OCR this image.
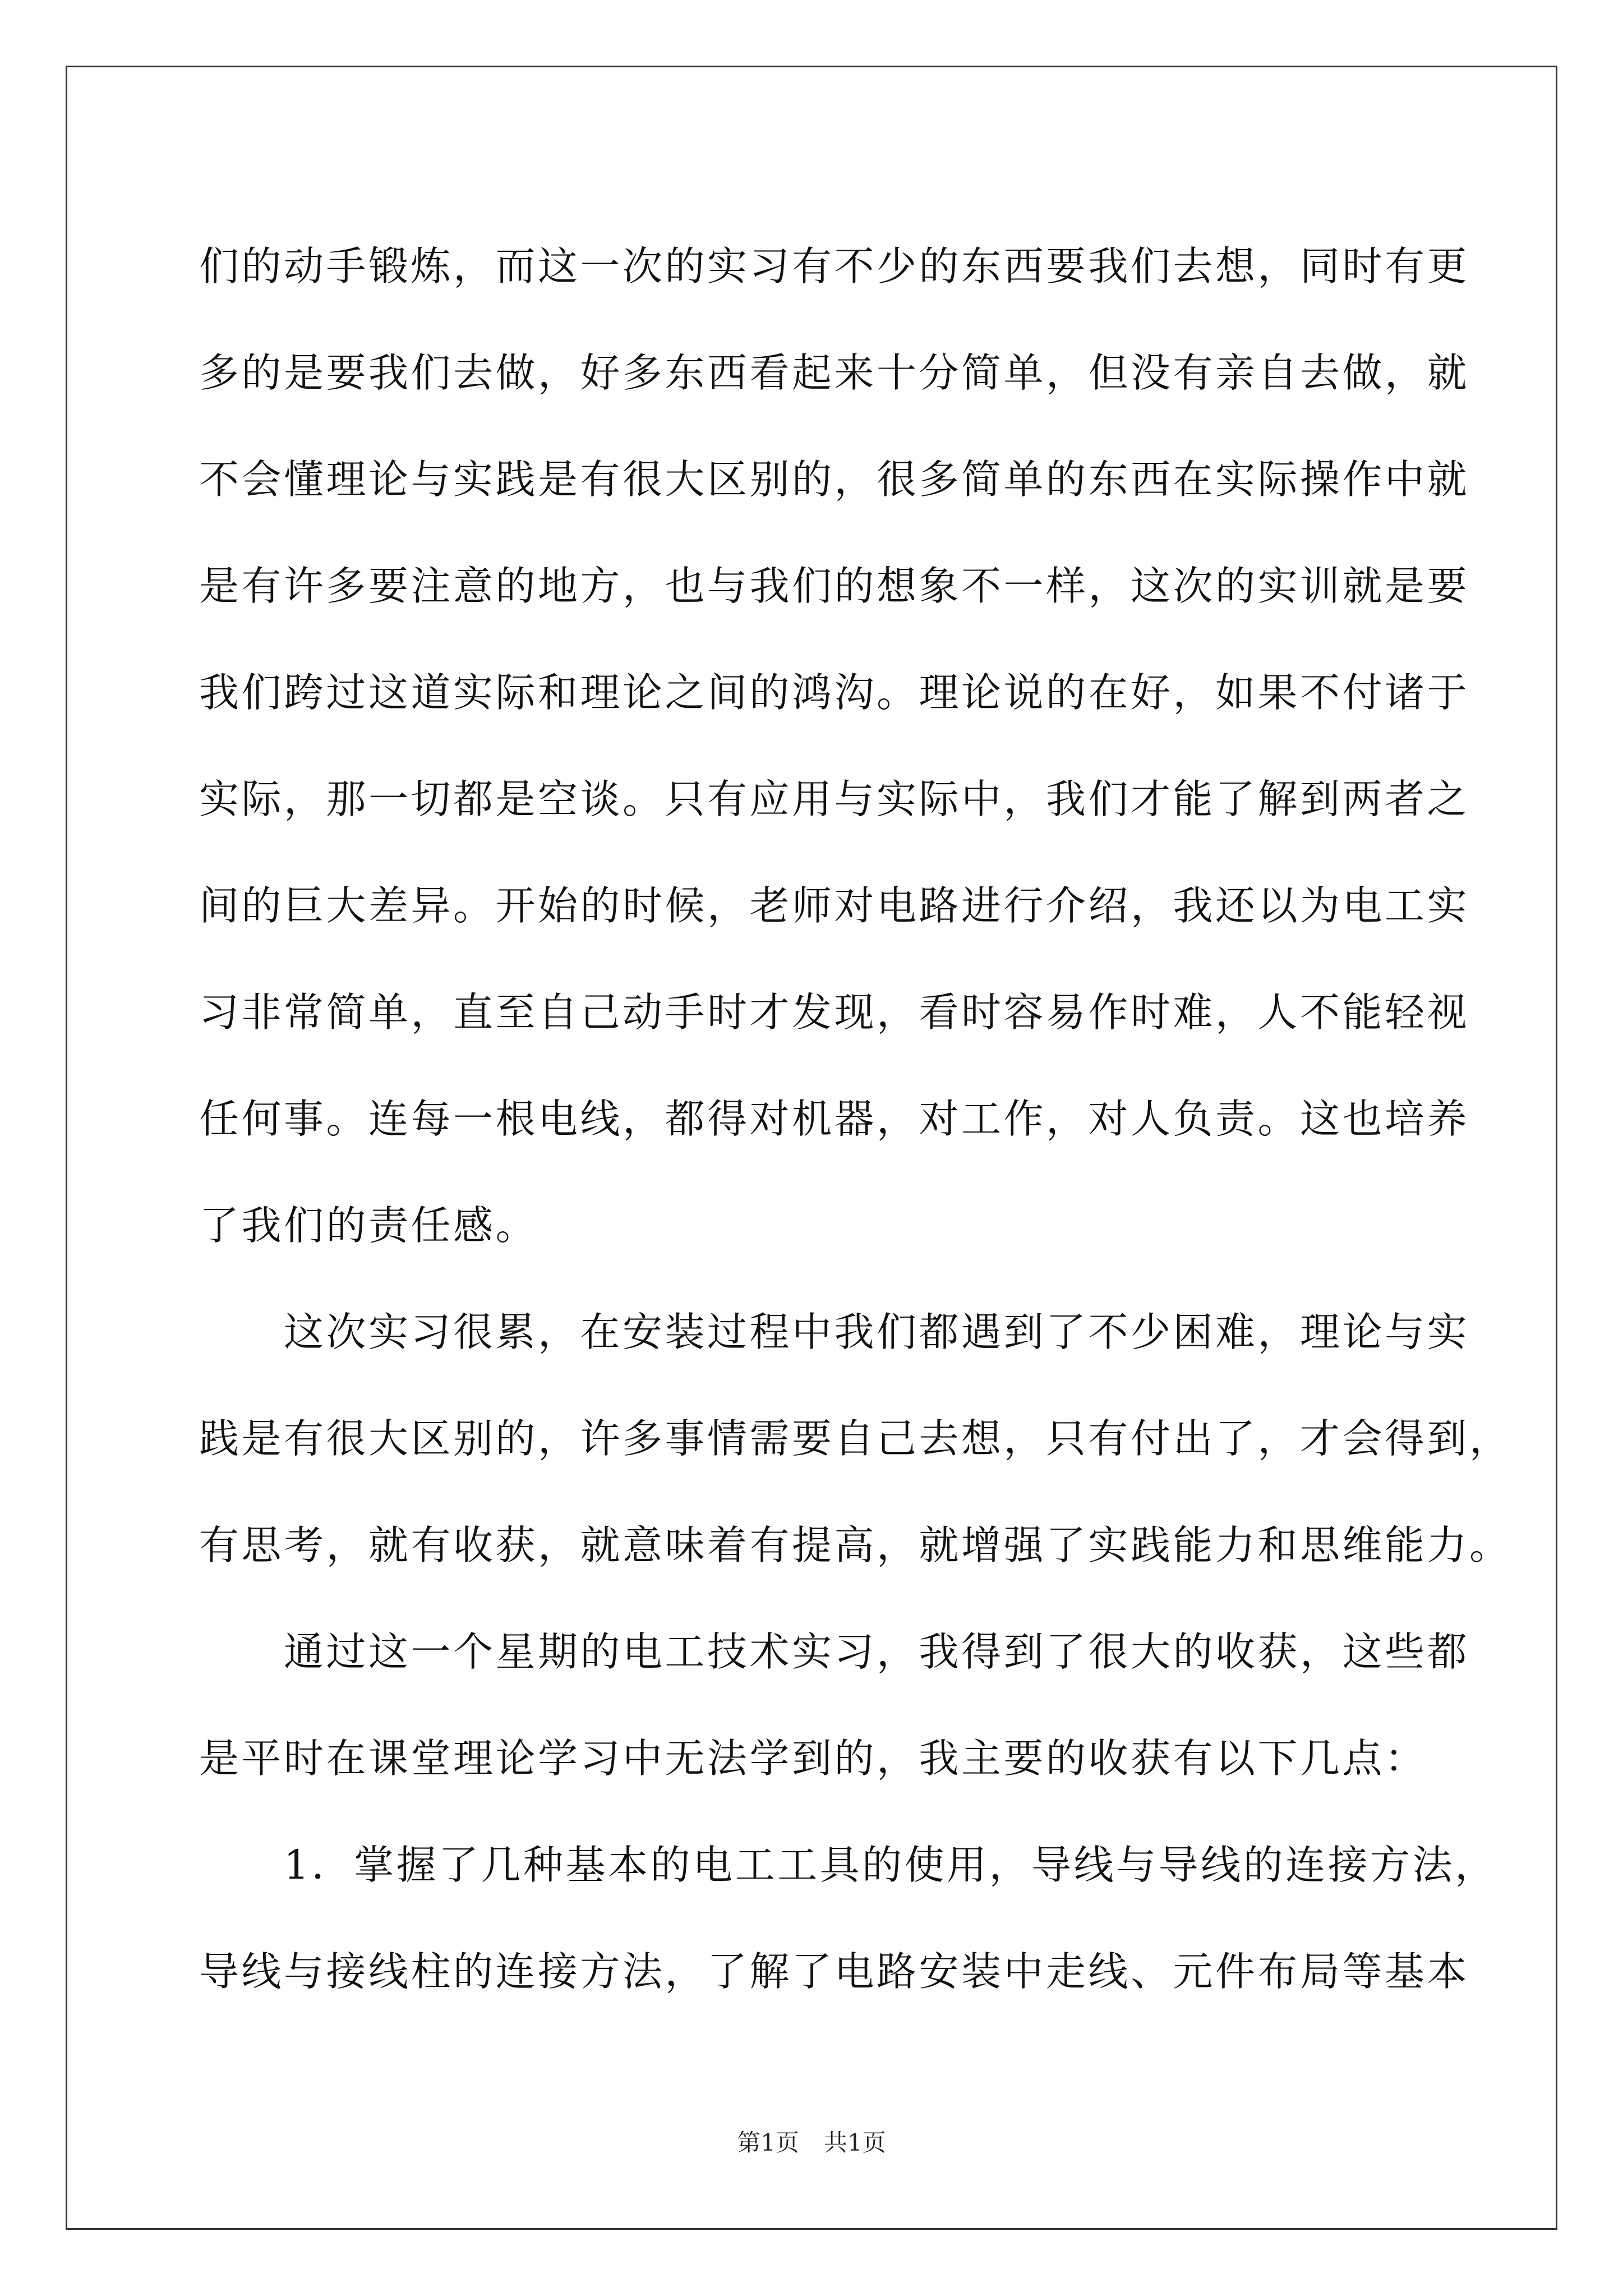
们的动手锻炼，而这一次的实习有不少的东西要我们去想，同时有更
多的是要我们去做，好多东西看起来十分简单，但没有亲自去做，就
不会懂理论与实践是有很大区别的，很多简单的东西在实际操作中就
是有许多要注意的地方，也与我们的想象不一样，这次的实训就是要
我们跨过这道实际和理论之间的鸿沟。理论说的在好，如果不付诸于
实际，那一切都是空谈。只有应用与实际中，我们才能了解到两者之
间的巨大差异。开始的时候，老师对电路进行介绍，我还以为电工实
习非常简单，直至自己动手时才发现，看时容易作时难，人不能轻视
任何事。连每一根电线，都得对机器，对工作，对人负责。这也培养
了我们的责任感。
　　这次实习很累，在安装过程中我们都遇到了不少困难，理论与实
践是有很大区别的，许多事情需要自己去想，只有付出了，才会得到，
有思考，就有收获，就意味着有提高，就增强了实践能力和思维能力。
　　通过这一个星期的电工技术实习，我得到了很大的收获，这些都
是平时在课堂理论学习中无法学到的，我主要的收获有以下几点：
　　1．掌握了几种基本的电工工具的使用，导线与导线的连接方法，
导线与接线柱的连接方法，了解了电路安装中走线、元件布局等基本
第1页 共1页
